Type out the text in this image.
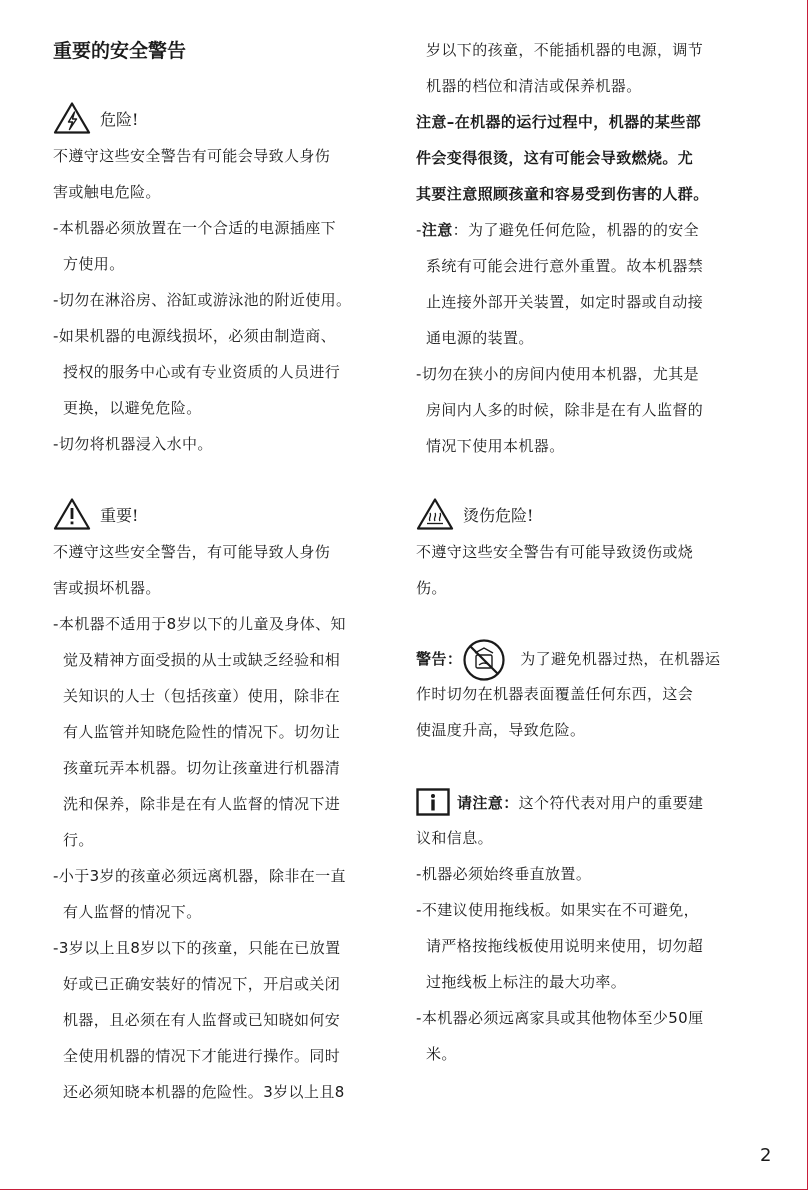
2
重要的安全警告
危险!

不遵守这些安全警告有可能会导致人身伤

害或触电危险。

-本机器必须放置在一个合适的电源插座下
方使用。

-切勿在淋浴房、浴缸或游泳池的附近使用。

-如果机器的电源线损坏，必须由制造商、
授权的服务中心或有专业资质的人员进行
更换，以避免危险。

-切勿将机器浸入水中。

重要!

不遵守这些安全警告，有可能导致人身伤

害或损坏机器。

-本机器不适用于8岁以下的儿童及身体、知
觉及精神方面受损的从士或缺乏经验和相
关知识的人士（包括孩童）使用，除非在
有人监管并知晓危险性的情况下。切勿让
孩童玩弄本机器。切勿让孩童进行机器清
洗和保养，除非是在有人监督的情况下进
行。

-小于3岁的孩童必须远离机器，除非在一直
有人监督的情况下。

-3岁以上且8岁以下的孩童，只能在已放置
好或已正确安装好的情况下，开启或关闭
机器，且必须在有人监督或已知晓如何安
全使用机器的情况下才能进行操作。同时
还必须知晓本机器的危险性。3岁以上且8

岁以下的孩童，不能插机器的电源，调节

机器的档位和清洁或保养机器。

注意–在机器的运行过程中，机器的某些部

件会变得很烫，这有可能会导致燃烧。尤

其要注意照顾孩童和容易受到伤害的人群。

-注意：为了避免任何危险，机器的的安全
系统有可能会进行意外重置。故本机器禁
止连接外部开关装置，如定时器或自动接
通电源的装置。

-切勿在狭小的房间内使用本机器，尤其是
房间内人多的时候，除非是在有人监督的
情况下使用本机器。

烫伤危险!

不遵守这些安全警告有可能导致烫伤或烧

伤。

警告 ：	为了避免机器过热，在机器运

作时切勿在机器表面覆盖任何东西，这会

使温度升高，导致危险。

请注意 ： 这个符代表对用户的重要建

议和信息。

-机器必须始终垂直放置。

-不建议使用拖线板。如果实在不可避免，
请严格按拖线板使用说明来使用，切勿超
过拖线板上标注的最大功率。

-本机器必须远离家具或其他物体至少50厘
米。
